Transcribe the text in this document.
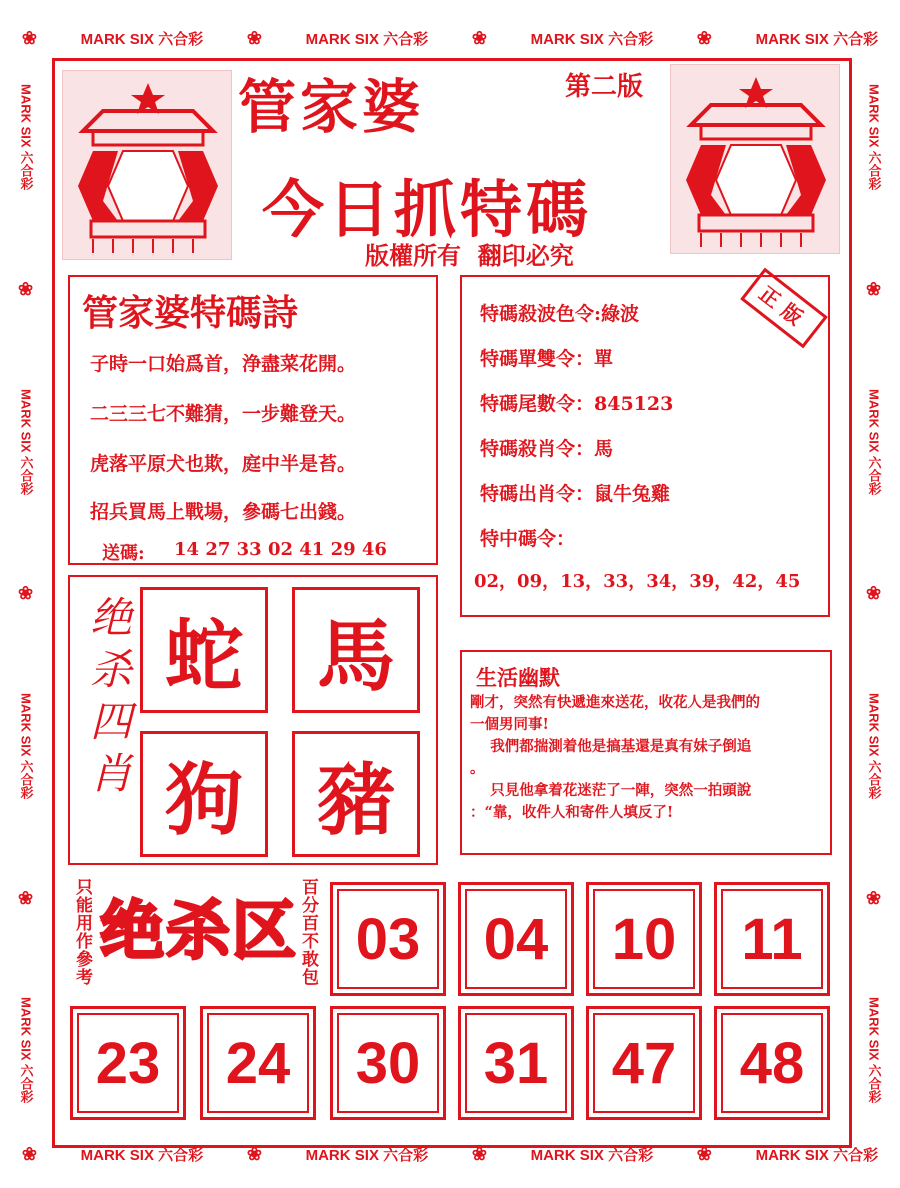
❀	MARK SIX 六合彩 ❀	MARK SIX 六合彩 ❀	MARK SIX 六合彩 ❀	MARK SIX 六合彩
❀	MARK SIX 六合彩 ❀	MARK SIX 六合彩 ❀	MARK SIX 六合彩 ❀	MARK SIX 六合彩
MARK SIX 六合彩
❀
MARK SIX 六合彩
❀
MARK SIX 六合彩
❀
MARK SIX 六合彩
MARK SIX 六合彩
❀
MARK SIX 六合彩
❀
MARK SIX 六合彩
❀
MARK SIX 六合彩
管家婆	第二版
今日抓特碼
版權所有  翻印必究
管家婆特碼詩
子時一口始爲首，浄盡菜花開。
二三三七不難猜，一步難登天。
虎落平原犬也欺，庭中半是苔。
招兵買馬上戰場，參碼七出錢。
送碼: 14 27 33 02 41 29 46
特碼殺波色令:綠波
特碼單雙令：單
特碼尾數令：845123
特碼殺肖令：馬
特碼出肖令：鼠牛兔雞
特中碼令：
02，09，13，33，34，39，42，45
正版
绝杀四肖 蛇 馬
狗 豬
生活幽默
剛才，突然有快遞進來送花，收花人是我們的
一個男同事!
我們都揣測着他是搞基還是真有妹子倒追
。
只見他拿着花迷茫了一陣，突然一拍頭說
：“靠，收件人和寄件人填反了!
只能用作參考 绝杀区 百分百不敢包 03	04	10	11
23	24	30	31	47	48
